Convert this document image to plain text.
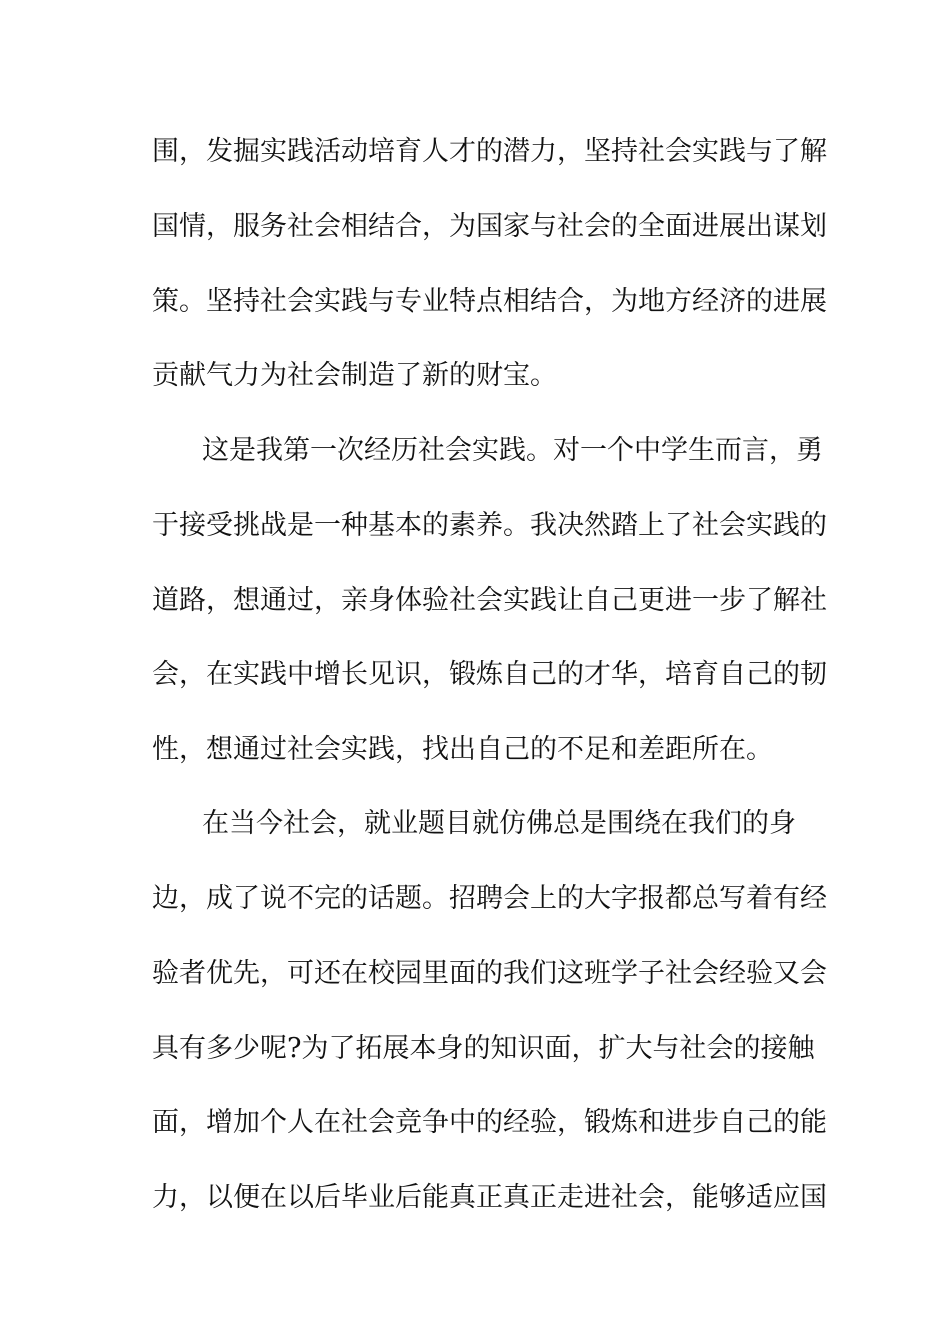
围，发掘实践活动培育人才的潜力，坚持社会实践与了解
国情，服务社会相结合，为国家与社会的全面进展出谋划
策。坚持社会实践与专业特点相结合，为地方经济的进展
贡献气力为社会制造了新的财宝。
这是我第一次经历社会实践。对一个中学生而言，勇
于接受挑战是一种基本的素养。我决然踏上了社会实践的
道路，想通过，亲身体验社会实践让自己更进一步了解社
会，在实践中增长见识，锻炼自己的才华，培育自己的韧
性，想通过社会实践，找出自己的不足和差距所在。
在当今社会，就业题目就仿佛总是围绕在我们的身
边，成了说不完的话题。招聘会上的大字报都总写着有经
验者优先，可还在校园里面的我们这班学子社会经验又会
具有多少呢?为了拓展本身的知识面，扩大与社会的接触
面，增加个人在社会竞争中的经验，锻炼和进步自己的能
力，以便在以后毕业后能真正真正走进社会，能够适应国
